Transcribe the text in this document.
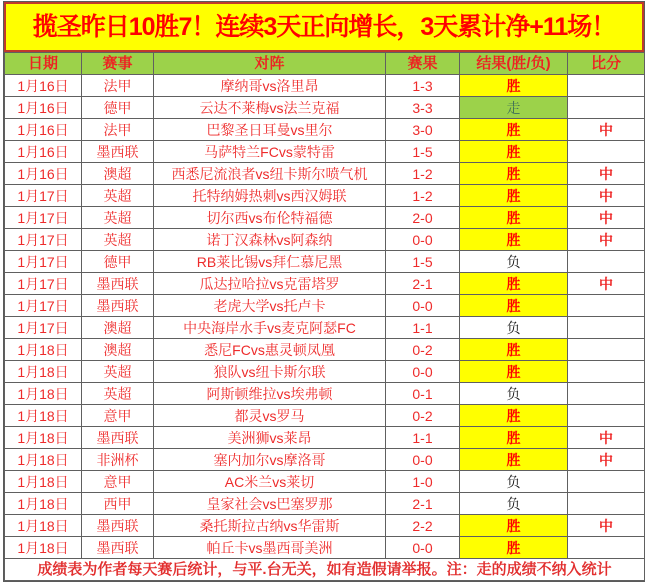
揽圣昨日10胜7！连续3天正向增长，3天累计净+11场！
日期	赛事	对阵	赛果	结果(胜/负)	比分
1月16日	法甲	摩纳哥vs洛里昂	1-3	胜	
1月16日	德甲	云达不莱梅vs法兰克福	3-3	走	
1月16日	法甲	巴黎圣日耳曼vs里尔	3-0	胜	中
1月16日	墨西联	马萨特兰FCvs蒙特雷	1-5	胜	
1月16日	澳超	西悉尼流浪者vs纽卡斯尔喷气机	1-2	胜	中
1月17日	英超	托特纳姆热刺vs西汉姆联	1-2	胜	中
1月17日	英超	切尔西vs布伦特福德	2-0	胜	中
1月17日	英超	诺丁汉森林vs阿森纳	0-0	胜	中
1月17日	德甲	RB莱比锡vs拜仁慕尼黑	1-5	负	
1月17日	墨西联	瓜达拉哈拉vs克雷塔罗	2-1	胜	中
1月17日	墨西联	老虎大学vs托卢卡	0-0	胜	
1月17日	澳超	中央海岸水手vs麦克阿瑟FC	1-1	负	
1月18日	澳超	悉尼FCvs惠灵顿凤凰	0-2	胜	
1月18日	英超	狼队vs纽卡斯尔联	0-0	胜	
1月18日	英超	阿斯顿维拉vs埃弗顿	0-1	负	
1月18日	意甲	都灵vs罗马	0-2	胜	
1月18日	墨西联	美洲狮vs莱昂	1-1	胜	中
1月18日	非洲杯	塞内加尔vs摩洛哥	0-0	胜	中
1月18日	意甲	AC米兰vs莱切	1-0	负	
1月18日	西甲	皇家社会vs巴塞罗那	2-1	负	
1月18日	墨西联	桑托斯拉古纳vs华雷斯	2-2	胜	中
1月18日	墨西联	帕丘卡vs墨西哥美洲	0-0	胜	
成绩表为作者每天赛后统计，与平.台无关，如有造假请举报。注：走的成绩不纳入统计					
